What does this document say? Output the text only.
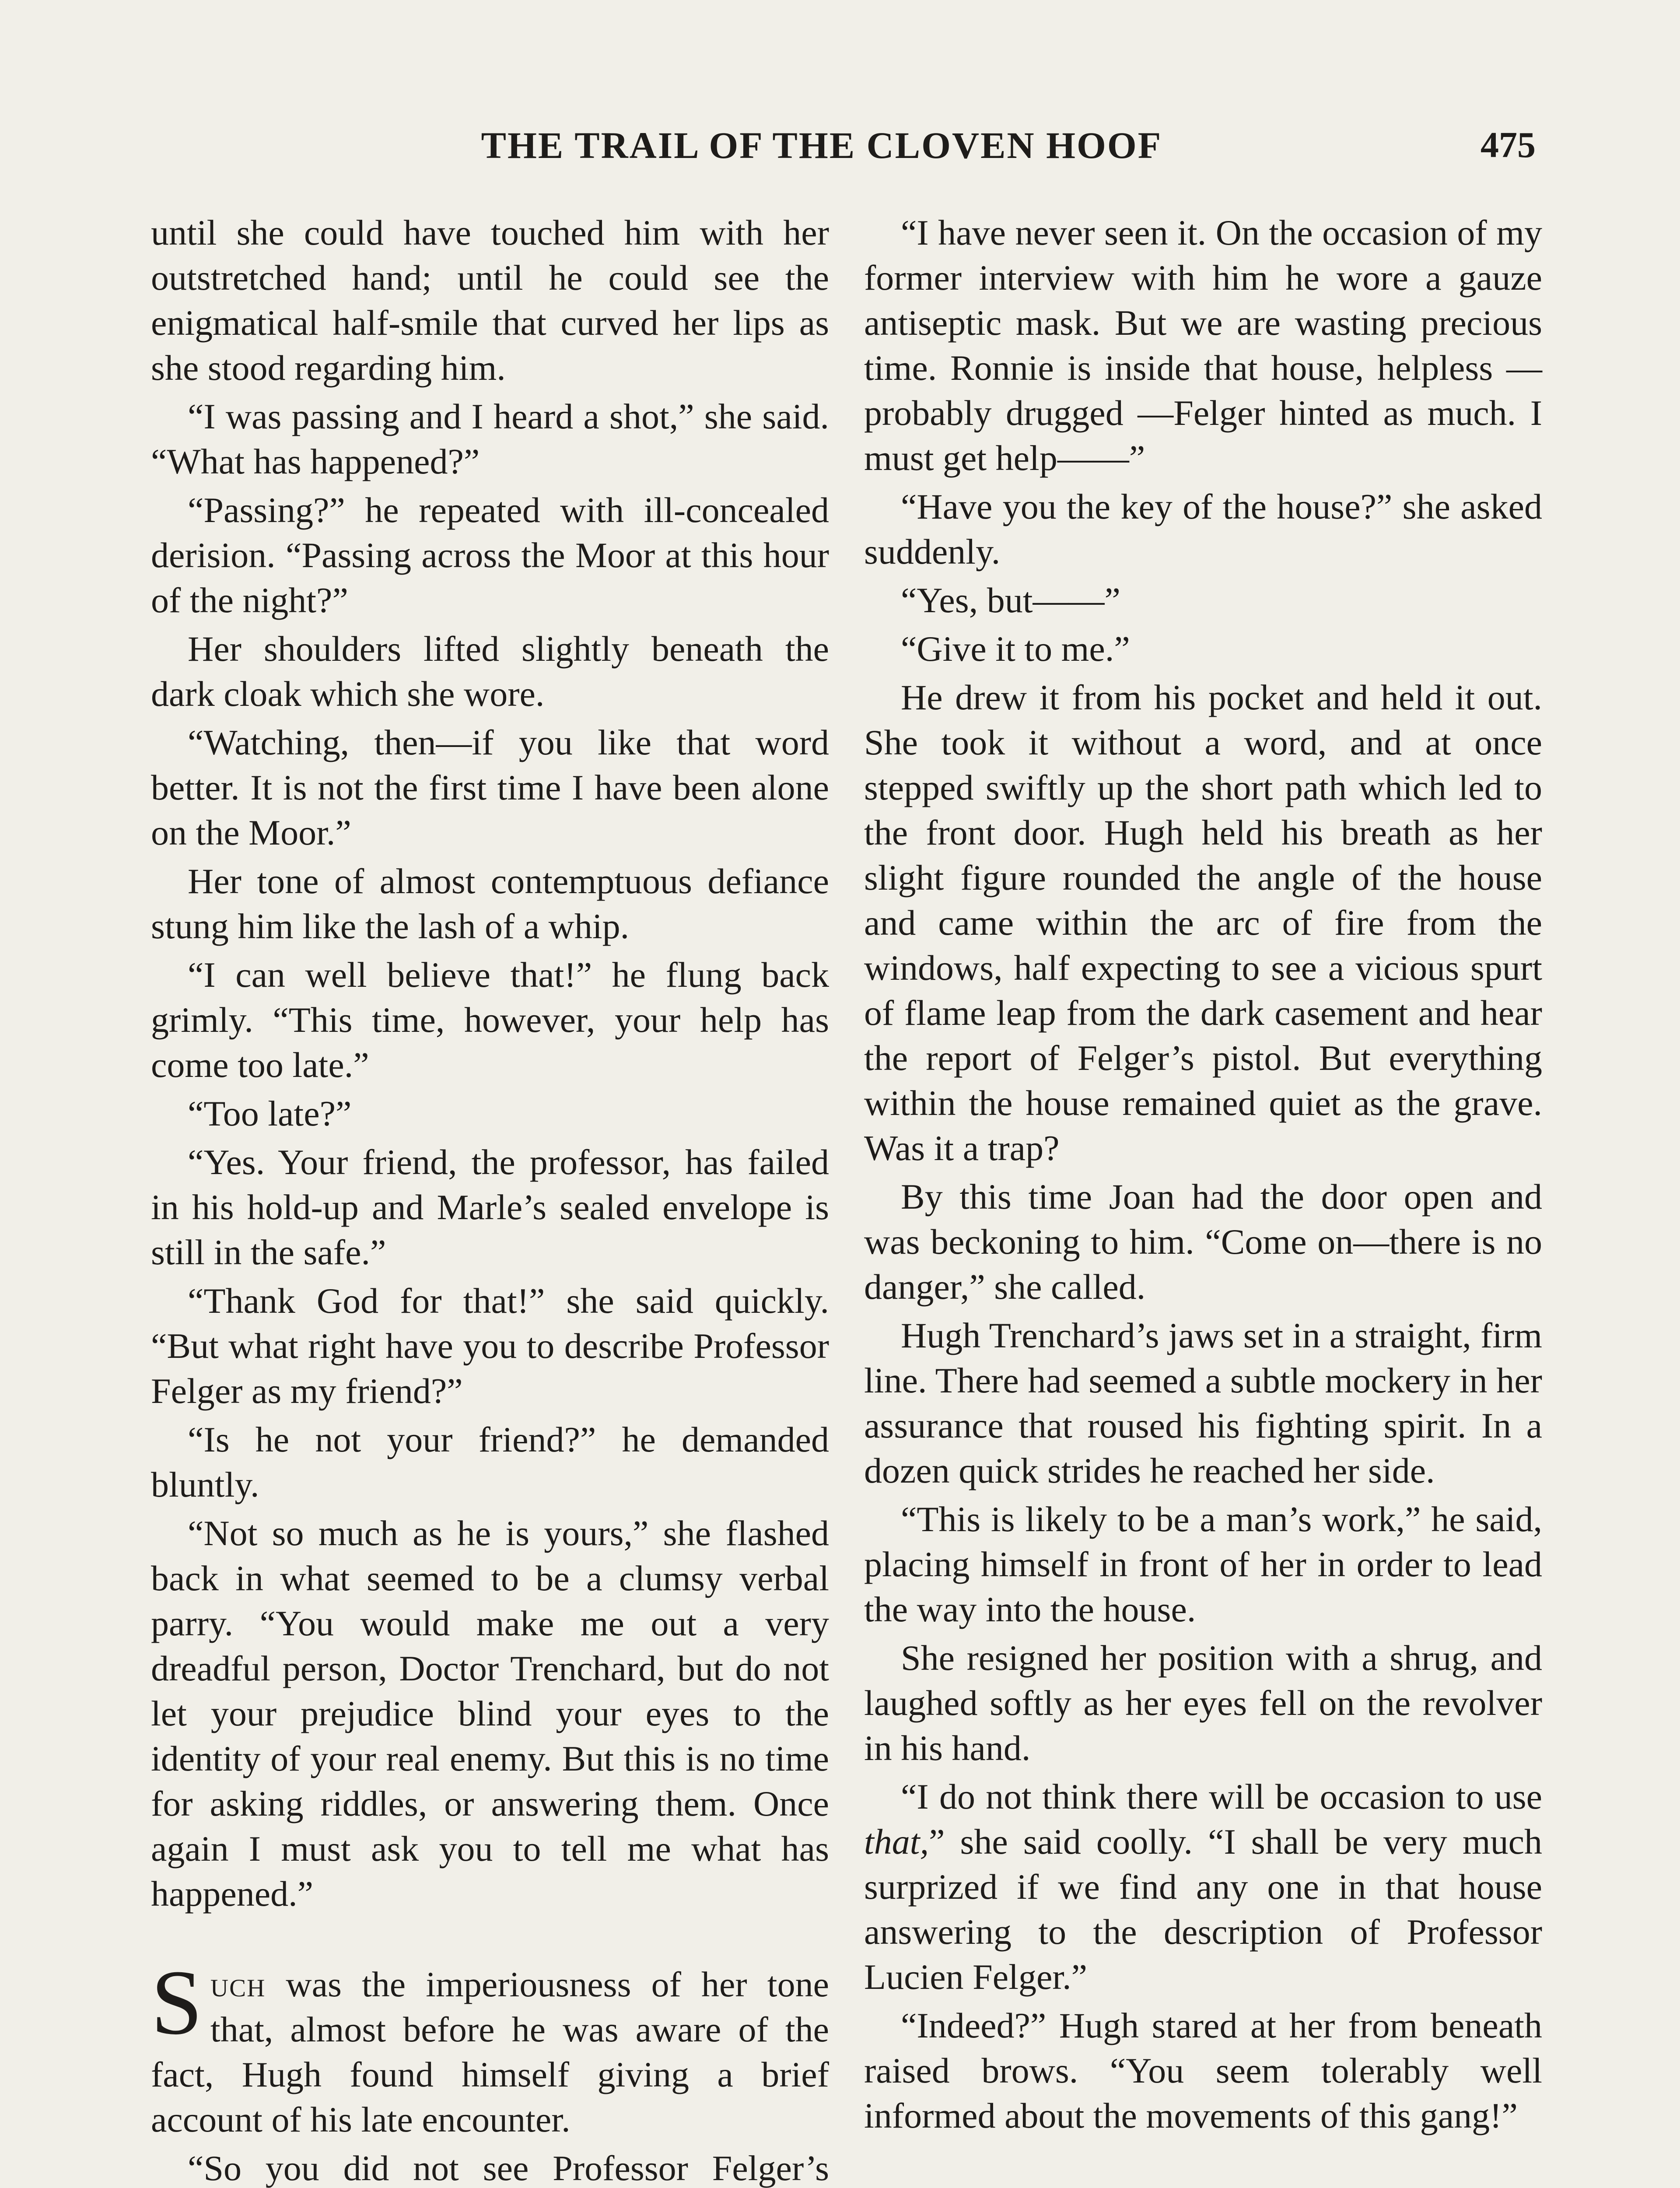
THE TRAIL OF THE CLOVEN HOOF	475

until she could have touched him with her outstretched hand; until he could see the enigmatical half-smile that curved her lips as she stood regarding him.

“I was passing and I heard a shot,” she said. “What has happened?”

“Passing?” he repeated with ill-concealed derision. “Passing across the Moor at this hour of the night?”

Her shoulders lifted slightly beneath the dark cloak which she wore.

“Watching, then—if you like that word better. It is not the first time I have been alone on the Moor.”

Her tone of almost contemptuous defiance stung him like the lash of a whip.

“I can well believe that!” he flung back grimly. “This time, however, your help has come too late.”

“Too late?”

“Yes. Your friend, the professor, has failed in his hold-up and Marle’s sealed envelope is still in the safe.”

“Thank God for that!” she said quickly. “But what right have you to describe Professor Felger as my friend?”

“Is he not your friend?” he demanded bluntly.

“Not so much as he is yours,” she flashed back in what seemed to be a clumsy verbal parry. “You would make me out a very dreadful person, Doctor Trenchard, but do not let your prejudice blind your eyes to the identity of your real enemy. But this is no time for asking riddles, or answering them. Once again I must ask you to tell me what has happened.”

Such was the imperiousness of her tone that, almost before he was aware of the fact, Hugh found himself giving a brief account of his late encounter.

“So you did not see Professor Felger’s

“I have never seen it. On the occasion of my former interview with him he wore a gauze antiseptic mask. But we are wasting precious time. Ronnie is inside that house, helpless — probably drugged —Felger hinted as much. I must get help——”

“Have you the key of the house?” she asked suddenly.

“Yes, but——”

“Give it to me.”

He drew it from his pocket and held it out. She took it without a word, and at once stepped swiftly up the short path which led to the front door. Hugh held his breath as her slight figure rounded the angle of the house and came within the arc of fire from the windows, half expecting to see a vicious spurt of flame leap from the dark casement and hear the report of Felger’s pistol. But everything within the house remained quiet as the grave. Was it a trap?

By this time Joan had the door open and was beckoning to him. “Come on—there is no danger,” she called.

Hugh Trenchard’s jaws set in a straight, firm line. There had seemed a subtle mockery in her assurance that roused his fighting spirit. In a dozen quick strides he reached her side.

“This is likely to be a man’s work,” he said, placing himself in front of her in order to lead the way into the house.

She resigned her position with a shrug, and laughed softly as her eyes fell on the revolver in his hand.

“I do not think there will be occasion to use that,” she said coolly. “I shall be very much surprized if we find any one in that house answering to the description of Professor Lucien Felger.”

“Indeed?” Hugh stared at her from beneath raised brows. “You seem tolerably well informed about the movements of this gang!”
